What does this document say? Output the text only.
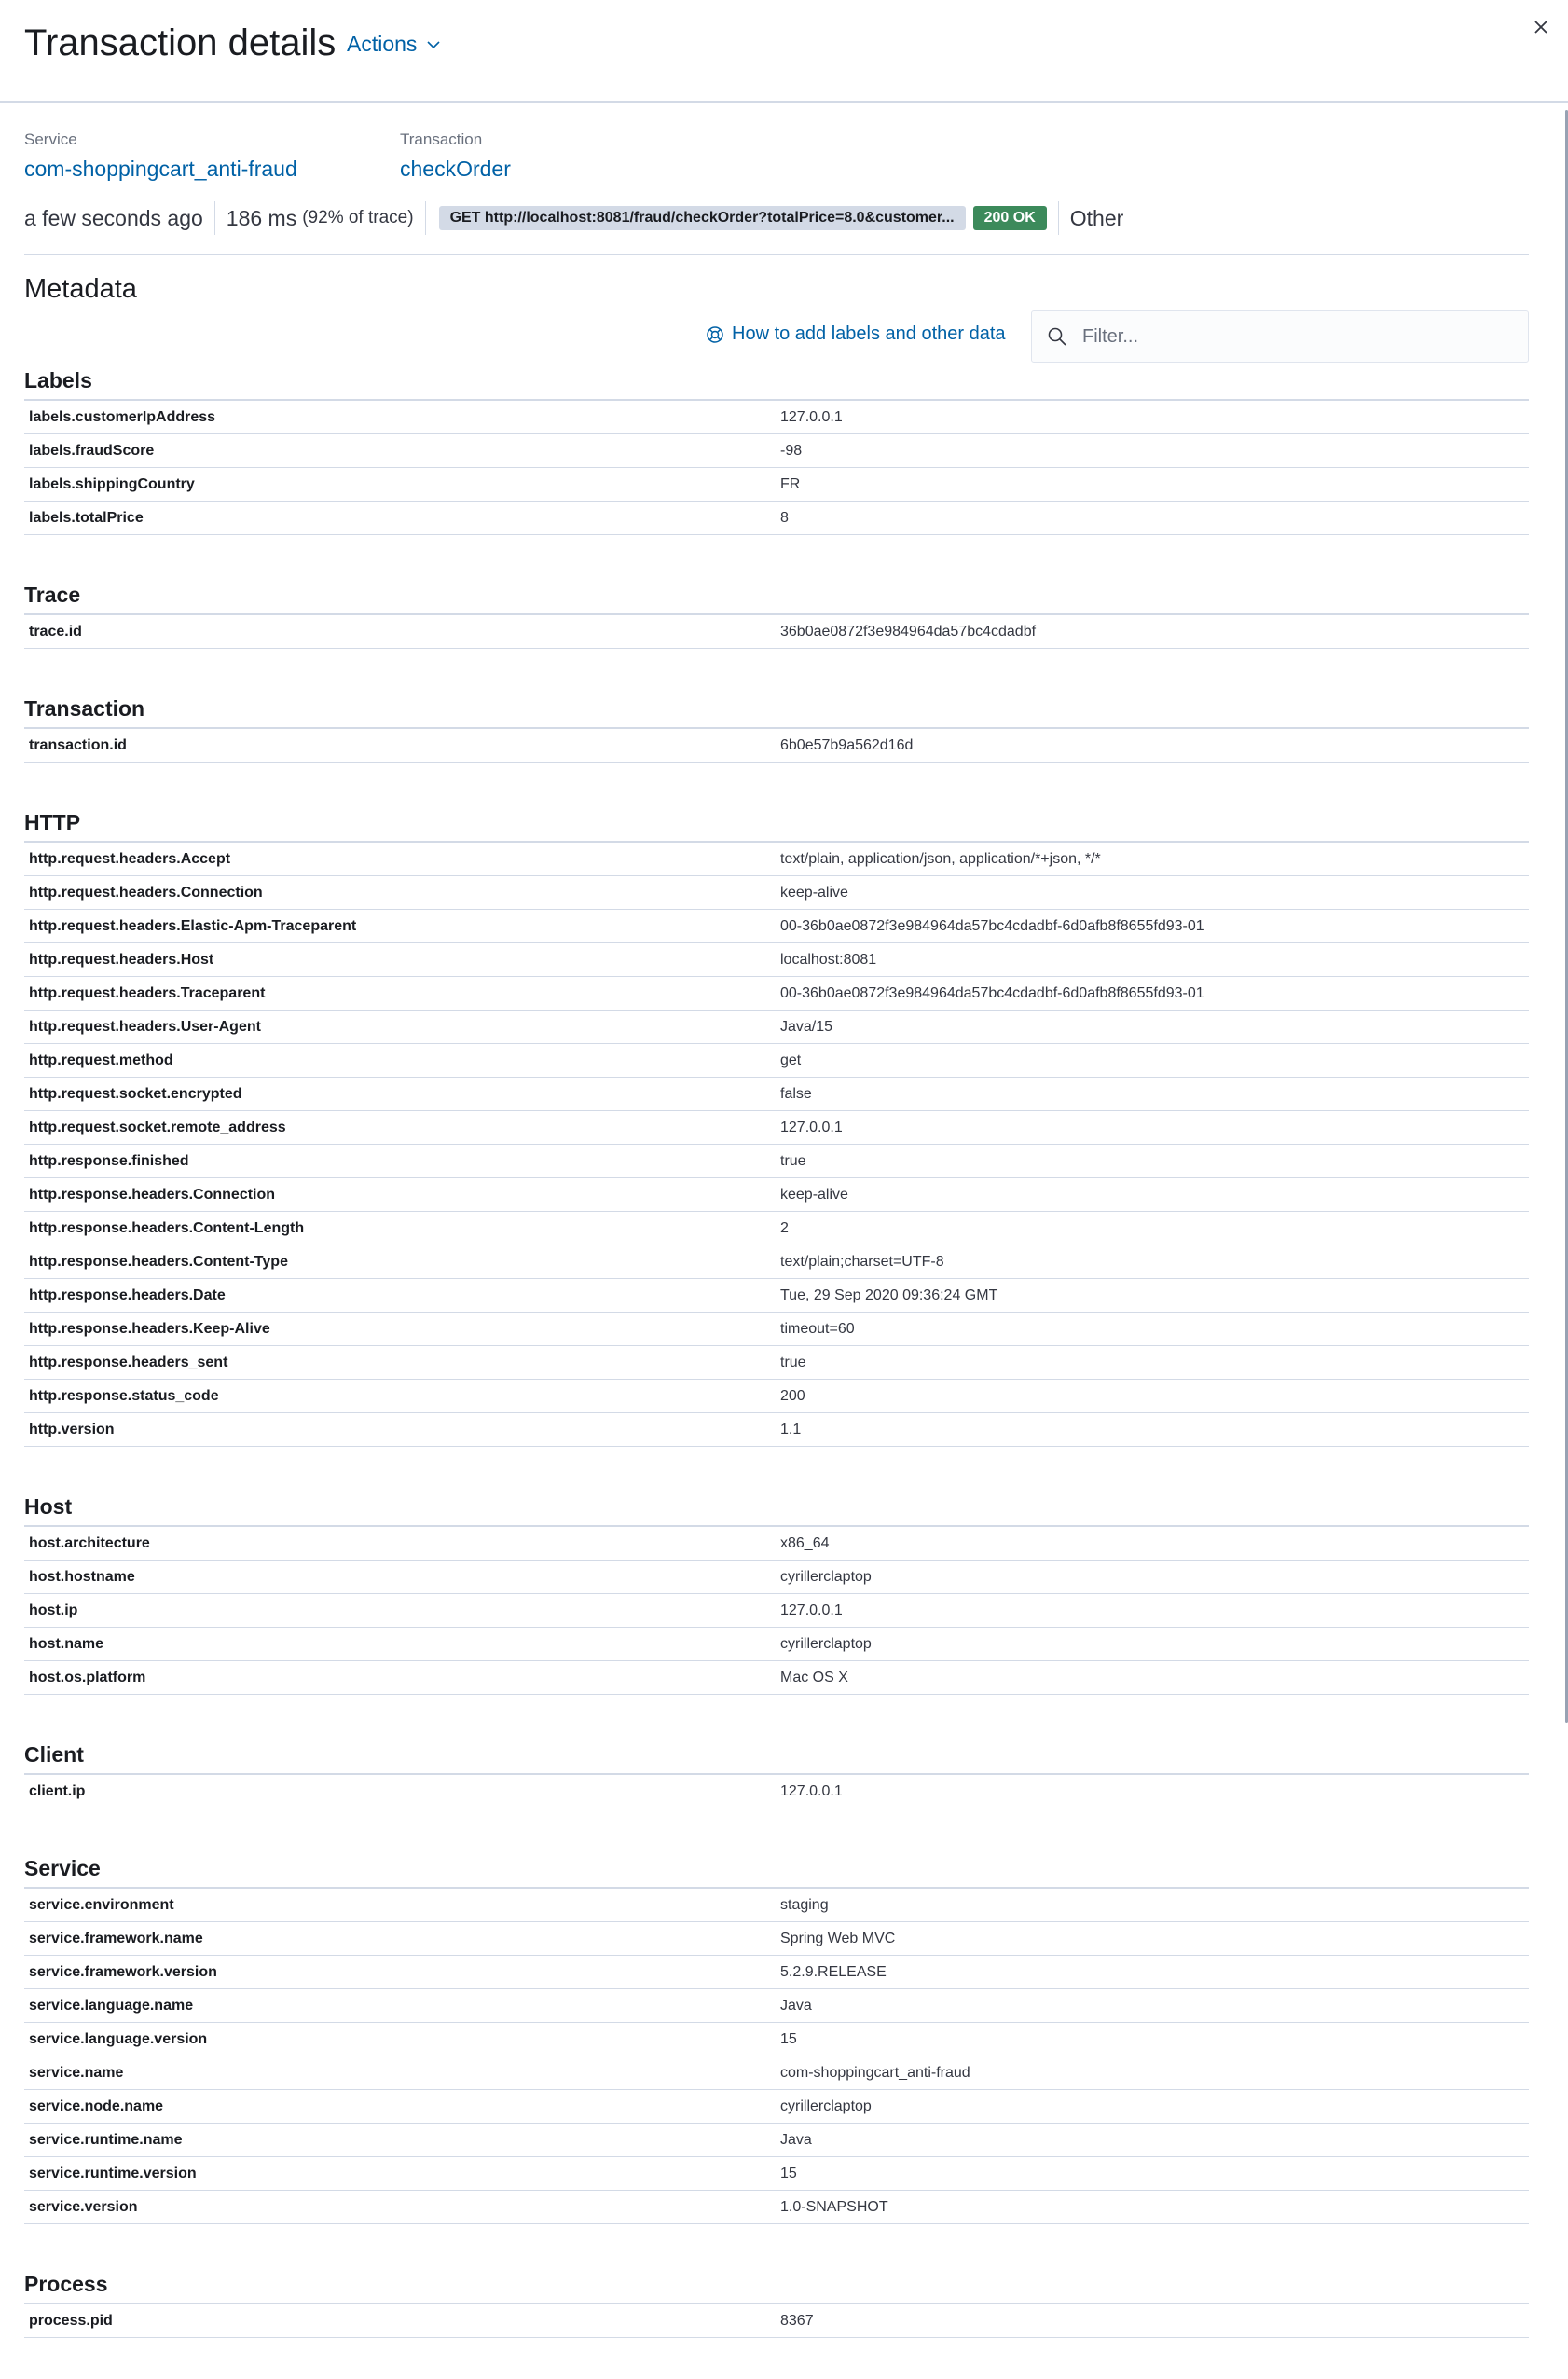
Transaction details Actions
Service
com-shoppingcart_anti-fraud
Transaction
checkOrder
a few seconds ago 186 ms (92% of trace)	GET http://localhost:8081/fraud/checkOrder?totalPrice=8.0&customer...	200 OK	Other
Metadata
How to add labels and other data
Filter...
Labels
labels.customerIpAddress	127.0.0.1
labels.fraudScore	-98
labels.shippingCountry	FR
labels.totalPrice	8
Trace
trace.id	36b0ae0872f3e984964da57bc4cdadbf
Transaction
transaction.id	6b0e57b9a562d16d
HTTP
http.request.headers.Accept	text/plain, application/json, application/*+json, */*
http.request.headers.Connection	keep-alive
http.request.headers.Elastic-Apm-Traceparent	00-36b0ae0872f3e984964da57bc4cdadbf-6d0afb8f8655fd93-01
http.request.headers.Host	localhost:8081
http.request.headers.Traceparent	00-36b0ae0872f3e984964da57bc4cdadbf-6d0afb8f8655fd93-01
http.request.headers.User-Agent	Java/15
http.request.method	get
http.request.socket.encrypted	false
http.request.socket.remote_address	127.0.0.1
http.response.finished	true
http.response.headers.Connection	keep-alive
http.response.headers.Content-Length	2
http.response.headers.Content-Type	text/plain;charset=UTF-8
http.response.headers.Date	Tue, 29 Sep 2020 09:36:24 GMT
http.response.headers.Keep-Alive	timeout=60
http.response.headers_sent	true
http.response.status_code	200
http.version	1.1
Host
host.architecture	x86_64
host.hostname	cyrillerclaptop
host.ip	127.0.0.1
host.name	cyrillerclaptop
host.os.platform	Mac OS X
Client
client.ip	127.0.0.1
Service
service.environment	staging
service.framework.name	Spring Web MVC
service.framework.version	5.2.9.RELEASE
service.language.name	Java
service.language.version	15
service.name	com-shoppingcart_anti-fraud
service.node.name	cyrillerclaptop
service.runtime.name	Java
service.runtime.version	15
service.version	1.0-SNAPSHOT
Process
process.pid	8367
